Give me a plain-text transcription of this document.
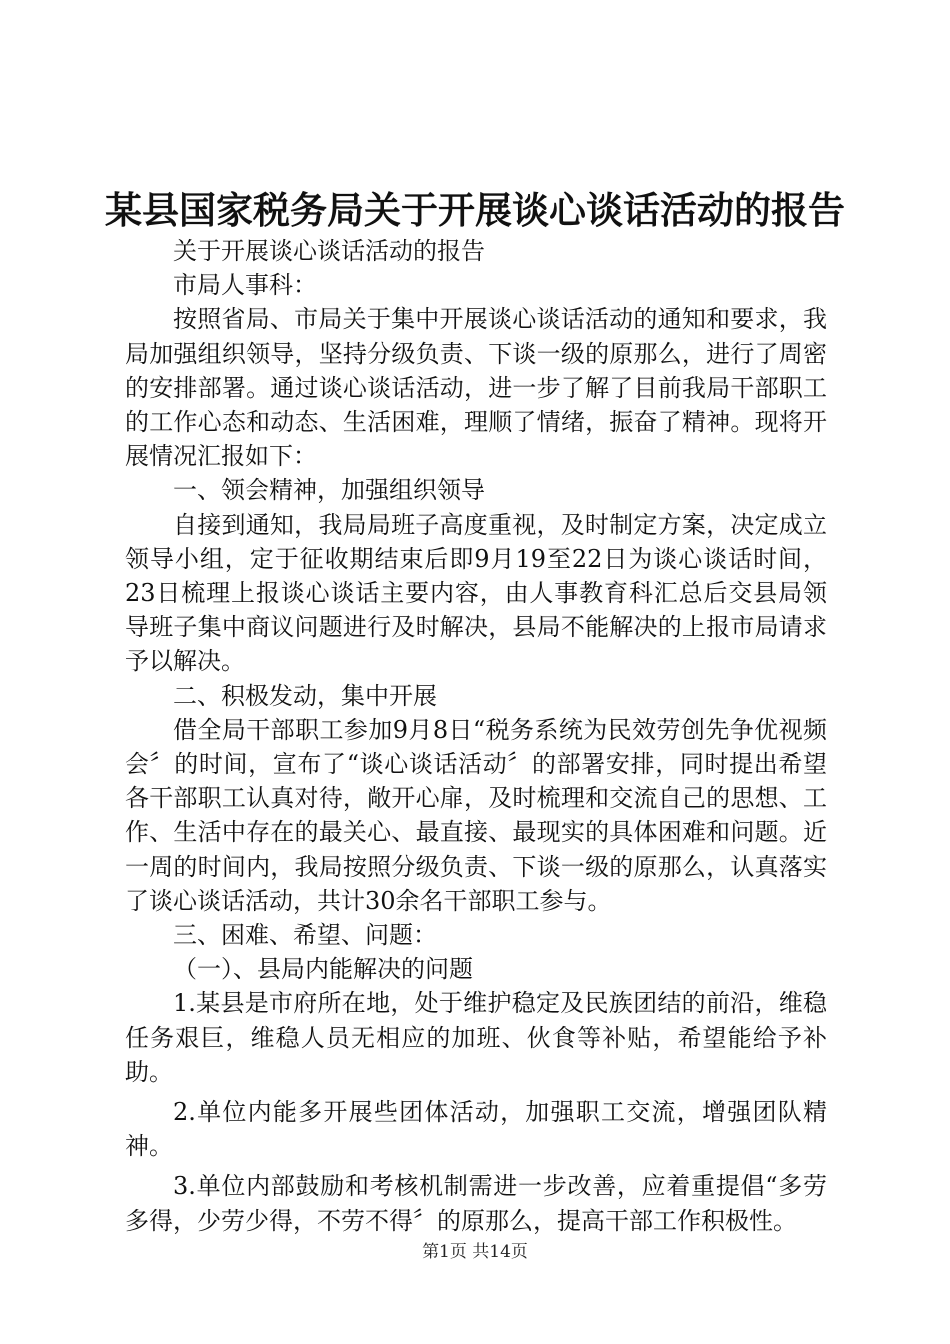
某县国家税务局关于开展谈心谈话活动的报告

关于开展谈心谈话活动的报告

市局人事科：

按照省局、市局关于集中开展谈心谈话活动的通知和要求，我局加强组织领导，坚持分级负责、下谈一级的原那么，进行了周密的安排部署。通过谈心谈话活动，进一步了解了目前我局干部职工的工作心态和动态、生活困难，理顺了情绪，振奋了精神。现将开展情况汇报如下：

一、领会精神，加强组织领导

自接到通知，我局局班子高度重视，及时制定方案，决定成立领导小组，定于征收期结束后即9月19至22日为谈心谈话时间，23日梳理上报谈心谈话主要内容，由人事教育科汇总后交县局领导班子集中商议问题进行及时解决，县局不能解决的上报市局请求予以解决。

二、积极发动，集中开展

借全局干部职工参加9月8日“税务系统为民效劳创先争优视频会〞的时间，宣布了“谈心谈话活动〞的部署安排，同时提出希望各干部职工认真对待，敞开心扉，及时梳理和交流自己的思想、工作、生活中存在的最关心、最直接、最现实的具体困难和问题。近一周的时间内，我局按照分级负责、下谈一级的原那么，认真落实了谈心谈话活动，共计30余名干部职工参与。

三、困难、希望、问题：

（一）、县局内能解决的问题

1.某县是市府所在地，处于维护稳定及民族团结的前沿，维稳任务艰巨，维稳人员无相应的加班、伙食等补贴，希望能给予补助。

2.单位内能多开展些团体活动，加强职工交流，增强团队精神。

3.单位内部鼓励和考核机制需进一步改善，应着重提倡“多劳多得，少劳少得，不劳不得〞的原那么，提高干部工作积极性。

第1页 共14页
